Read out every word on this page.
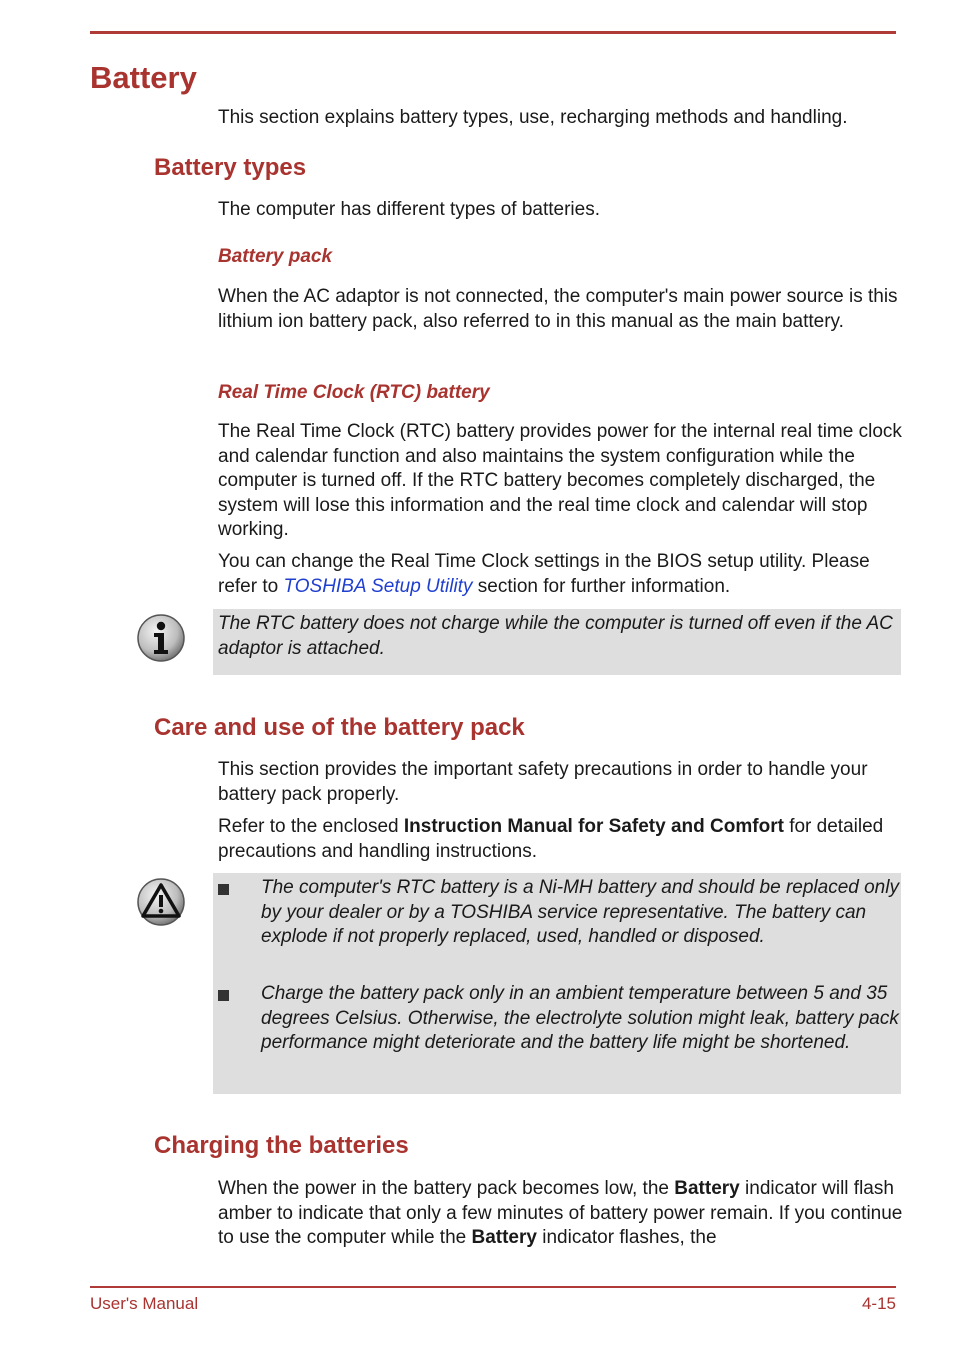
Battery
This section explains battery types, use, recharging methods and handling.
Battery types
The computer has different types of batteries.
Battery pack
When the AC adaptor is not connected, the computer's main power source is this lithium ion battery pack, also referred to in this manual as the main battery.
Real Time Clock (RTC) battery
The Real Time Clock (RTC) battery provides power for the internal real time clock and calendar function and also maintains the system configuration while the computer is turned off. If the RTC battery becomes completely discharged, the system will lose this information and the real time clock and calendar will stop working.
You can change the Real Time Clock settings in the BIOS setup utility. Please refer to TOSHIBA Setup Utility section for further information.
The RTC battery does not charge while the computer is turned off even if the AC adaptor is attached.
Care and use of the battery pack
This section provides the important safety precautions in order to handle your battery pack properly.
Refer to the enclosed Instruction Manual for Safety and Comfort for detailed precautions and handling instructions.
The computer's RTC battery is a Ni-MH battery and should be replaced only by your dealer or by a TOSHIBA service representative. The battery can explode if not properly replaced, used, handled or disposed.
Charge the battery pack only in an ambient temperature between 5 and 35 degrees Celsius. Otherwise, the electrolyte solution might leak, battery pack performance might deteriorate and the battery life might be shortened.
Charging the batteries
When the power in the battery pack becomes low, the Battery indicator will flash amber to indicate that only a few minutes of battery power remain. If you continue to use the computer while the Battery indicator flashes, the
User's Manual	4-15
